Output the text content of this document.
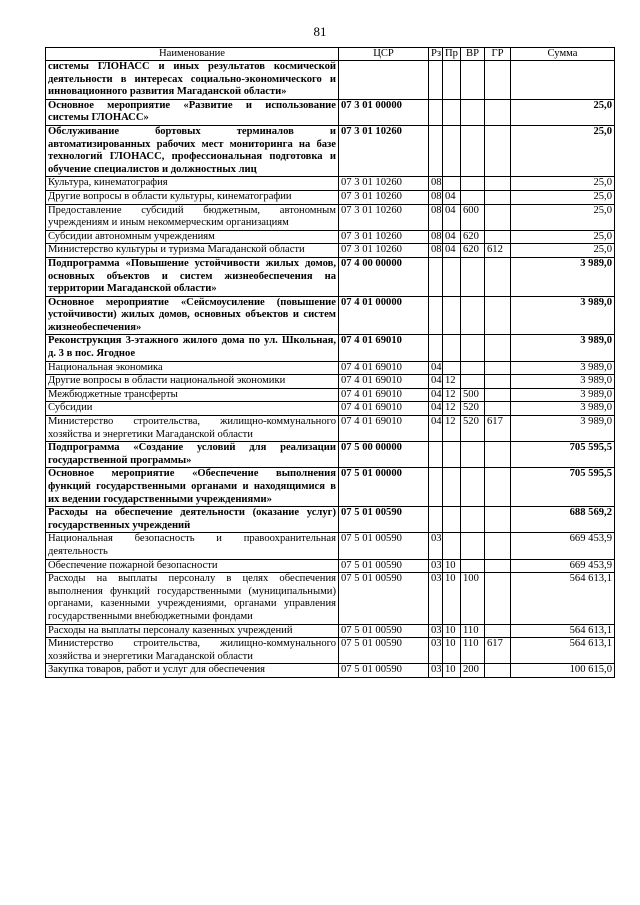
81
Наименование	ЦСР	Рз	Пр	ВР	ГР	Сумма
системы ГЛОНАСС и иных результатов космической деятельности в интересах социально-экономического и инновационного развития Магаданской области»						
Основное мероприятие «Развитие и использование системы ГЛОНАСС»	07 3 01 00000					25,0
Обслуживание бортовых терминалов и автоматизированных рабочих мест мониторинга на базе технологий ГЛОНАСС, профессиональная подготовка и обучение специалистов и должностных лиц	07 3 01 10260					25,0
Культура, кинематография	07 3 01 10260	08				25,0
Другие вопросы в области культуры, кинематографии	07 3 01 10260	08	04			25,0
Предоставление субсидий бюджетным, автономным учреждениям и иным некоммерческим организациям	07 3 01 10260	08	04	600		25,0
Субсидии автономным учреждениям	07 3 01 10260	08	04	620		25,0
Министерство культуры и туризма Магаданской области	07 3 01 10260	08	04	620	612	25,0
Подпрограмма «Повышение устойчивости жилых домов, основных объектов и систем жизнеобеспечения на территории Магаданской области»	07 4 00 00000					3 989,0
Основное мероприятие «Сейсмоусиление (повышение устойчивости) жилых домов, основных объектов и систем жизнеобеспечения»	07 4 01 00000					3 989,0
Реконструкция 3-этажного жилого дома по ул. Школьная, д. 3 в пос. Ягодное	07 4 01 69010					3 989,0
Национальная экономика	07 4 01 69010	04				3 989,0
Другие вопросы в области национальной экономики	07 4 01 69010	04	12			3 989,0
Межбюджетные трансферты	07 4 01 69010	04	12	500		3 989,0
Субсидии	07 4 01 69010	04	12	520		3 989,0
Министерство строительства, жилищно-коммунального хозяйства и энергетики Магаданской области	07 4 01 69010	04	12	520	617	3 989,0
Подпрограмма «Создание условий для реализации государственной программы»	07 5 00 00000					705 595,5
Основное мероприятие «Обеспечение выполнения функций государственными органами и находящимися в их ведении государственными учреждениями»	07 5 01 00000					705 595,5
Расходы на обеспечение деятельности (оказание услуг) государственных учреждений	07 5 01 00590					688 569,2
Национальная безопасность и правоохранительная деятельность	07 5 01 00590	03				669 453,9
Обеспечение пожарной безопасности	07 5 01 00590	03	10			669 453,9
Расходы на выплаты персоналу в целях обеспечения выполнения функций государственными (муниципальными) органами, казенными учреждениями, органами управления государственными внебюджетными фондами	07 5 01 00590	03	10	100		564 613,1
Расходы на выплаты персоналу казенных учреждений	07 5 01 00590	03	10	110		564 613,1
Министерство строительства, жилищно-коммунального хозяйства и энергетики Магаданской области	07 5 01 00590	03	10	110	617	564 613,1
Закупка товаров, работ и услуг для обеспечения	07 5 01 00590	03	10	200		100 615,0
